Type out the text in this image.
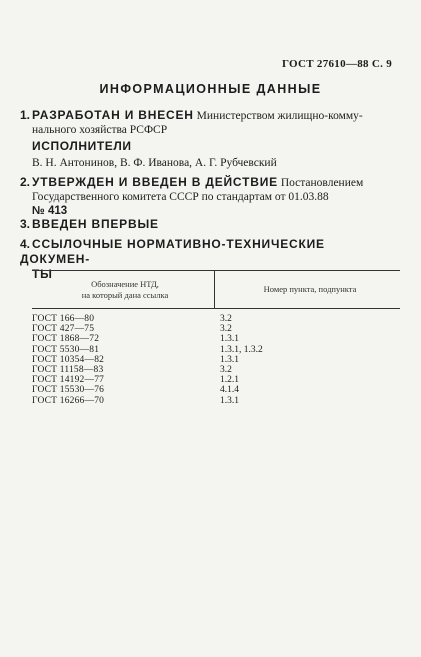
ГОСТ 27610—88 С. 9
ИНФОРМАЦИОННЫЕ ДАННЫЕ
1. РАЗРАБОТАН И ВНЕСЕН Министерством жилищно-комму-
нального хозяйства РСФСР
ИСПОЛНИТЕЛИ
В. Н. Антонинов, В. Ф. Иванова, А. Г. Рубчевский
2. УТВЕРЖДЕН И ВВЕДЕН В ДЕЙСТВИЕ Постановлением
Государственного комитета СССР по стандартам от 01.03.88
№ 413
3. ВВЕДЕН ВПЕРВЫЕ
4. ССЫЛОЧНЫЕ НОРМАТИВНО-ТЕХНИЧЕСКИЕ ДОКУМЕН-
ТЫ
Обозначение НТД,
на который дана ссылка
Номер пункта, подпункта
ГОСТ 166—80	3.2
ГОСТ 427—75	3.2
ГОСТ 1868—72	1.3.1
ГОСТ 5530—81	1.3.1, 1.3.2
ГОСТ 10354—82	1.3.1
ГОСТ 11158—83	3.2
ГОСТ 14192—77	1.2.1
ГОСТ 15530—76	4.1.4
ГОСТ 16266—70	1.3.1
